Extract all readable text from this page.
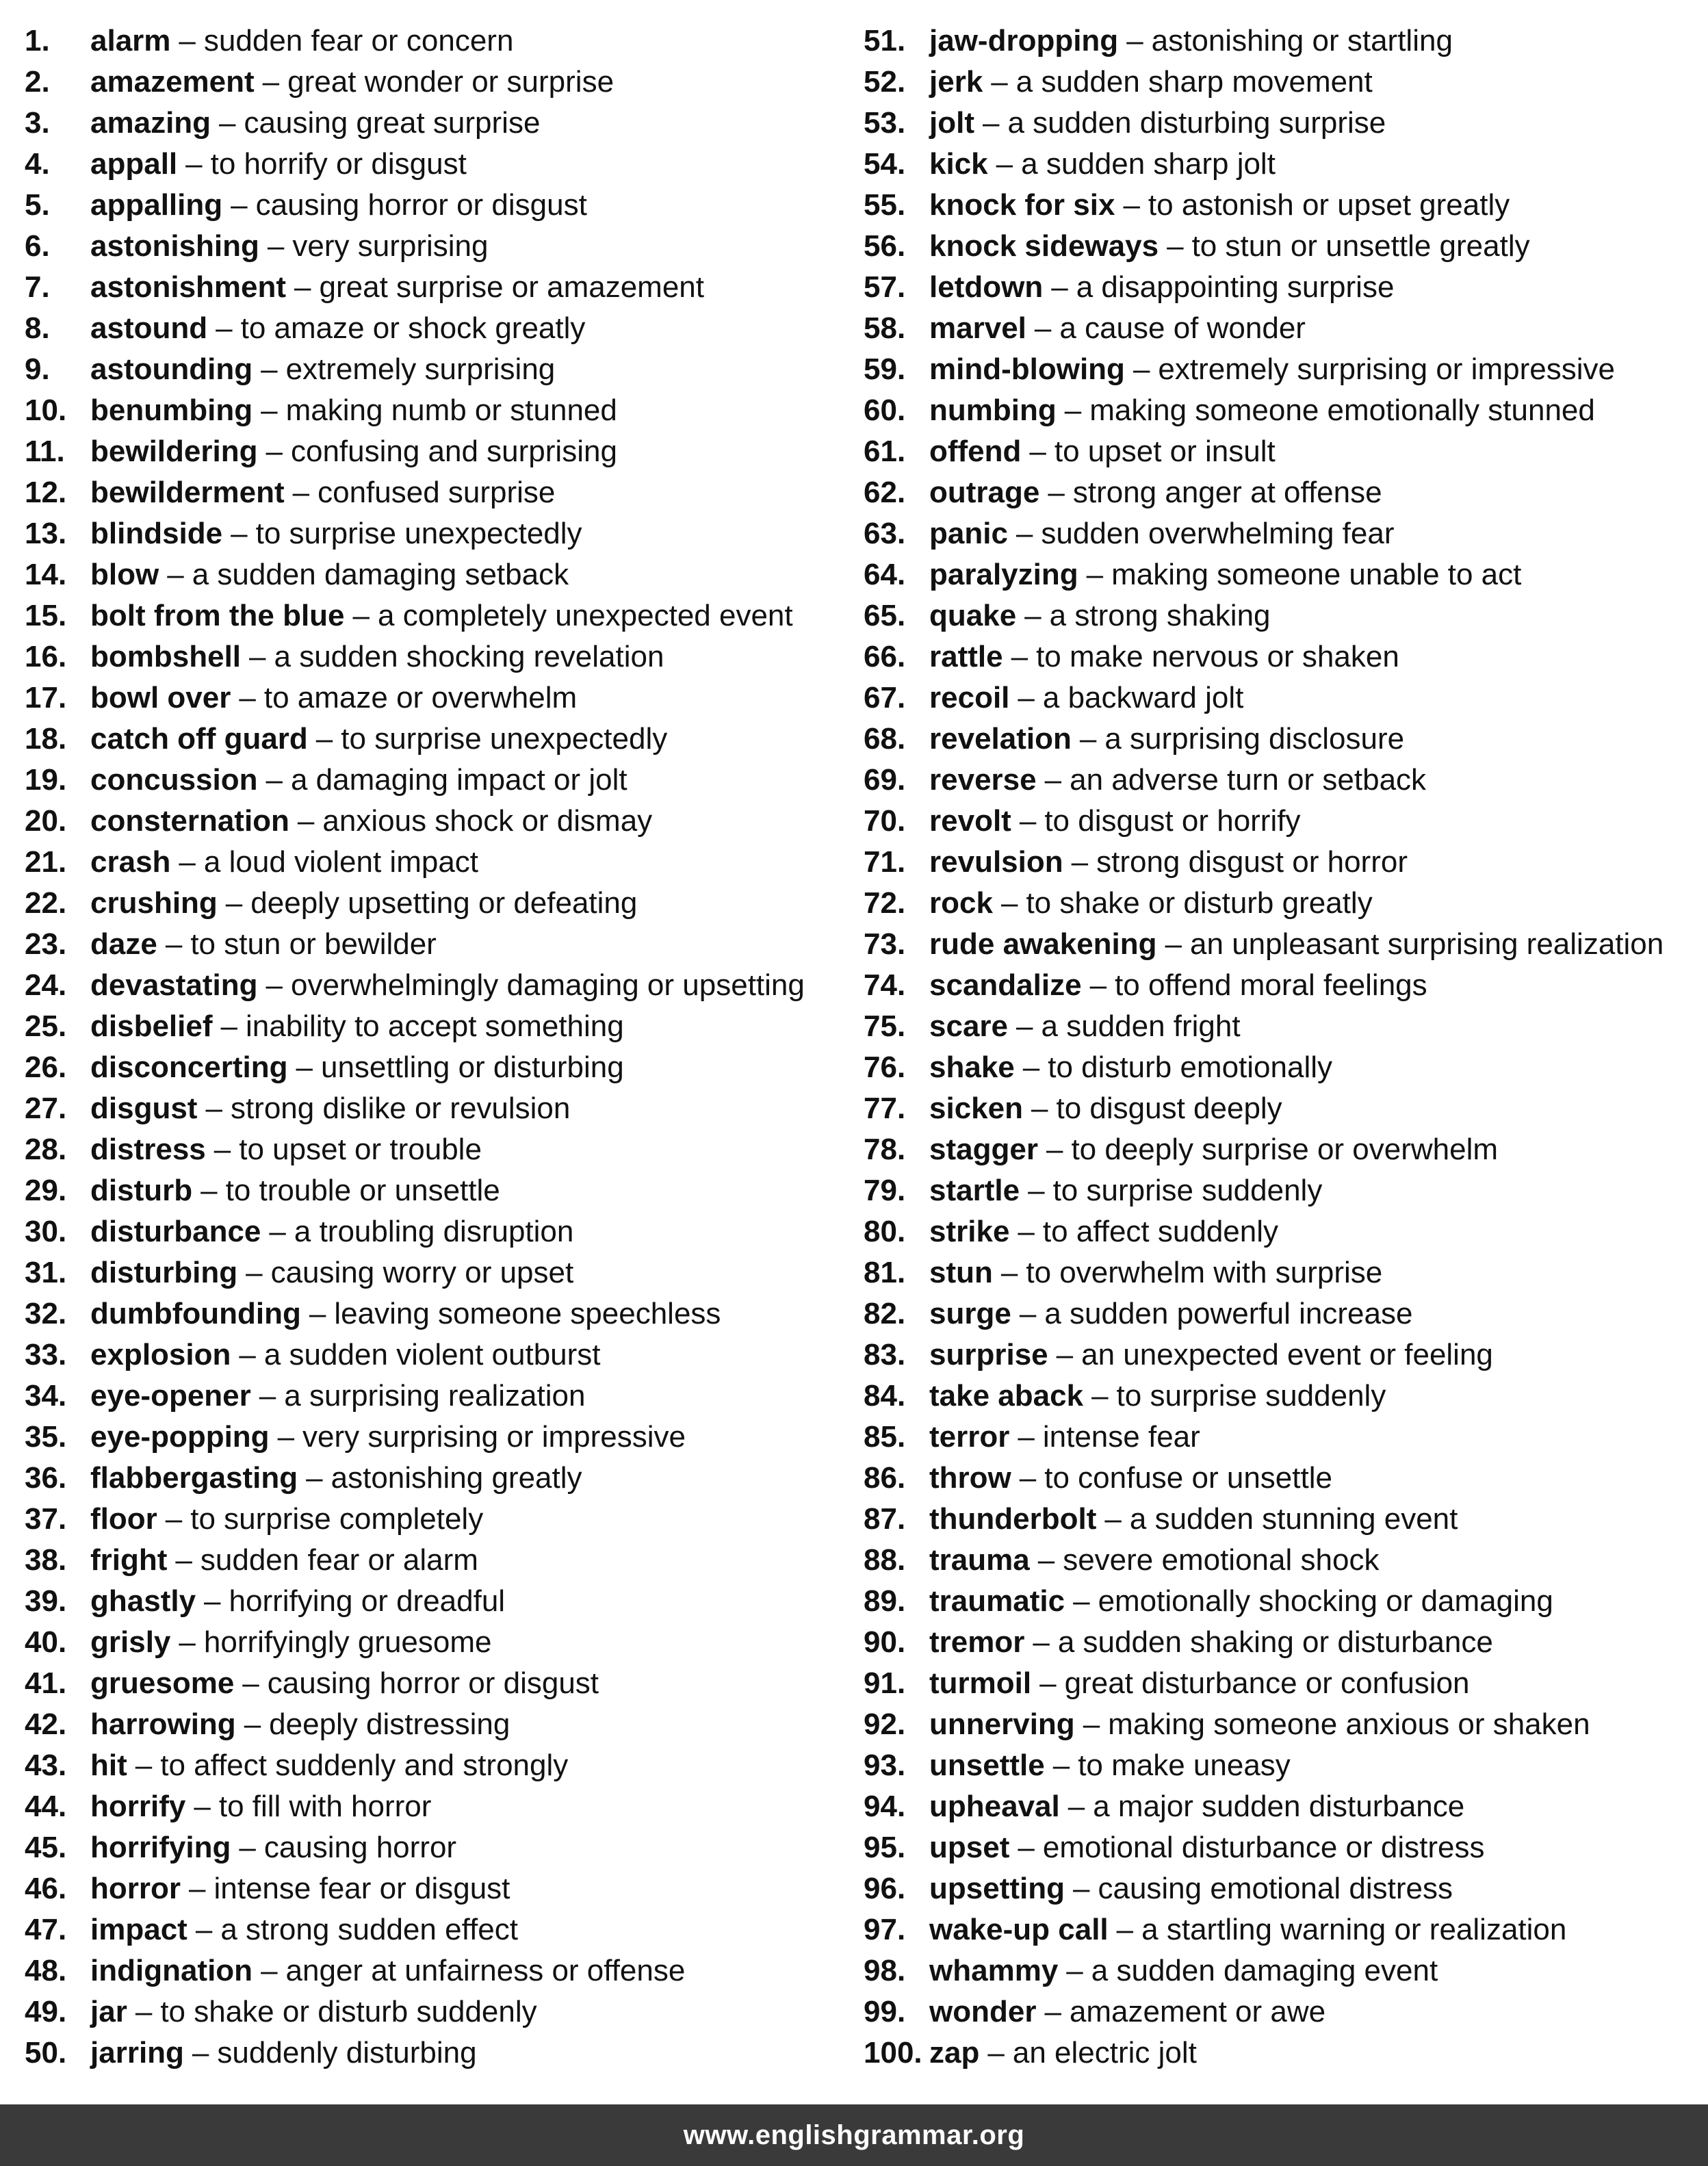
1.	alarm – sudden fear or concern
2.	amazement – great wonder or surprise
3.	amazing – causing great surprise
4.	appall – to horrify or disgust
5.	appalling – causing horror or disgust
6.	astonishing – very surprising
7.	astonishment – great surprise or amazement
8.	astound – to amaze or shock greatly
9.	astounding – extremely surprising
10. benumbing – making numb or stunned
11. bewildering – confusing and surprising
12. bewilderment – confused surprise
13. blindside – to surprise unexpectedly
14. blow – a sudden damaging setback
15. bolt from the blue – a completely unexpected event
16. bombshell – a sudden shocking revelation
17. bowl over – to amaze or overwhelm
18. catch off guard – to surprise unexpectedly
19. concussion – a damaging impact or jolt
20. consternation – anxious shock or dismay
21. crash – a loud violent impact
22. crushing – deeply upsetting or defeating
23. daze – to stun or bewilder
24. devastating – overwhelmingly damaging or upsetting
25. disbelief – inability to accept something
26. disconcerting – unsettling or disturbing
27. disgust – strong dislike or revulsion
28. distress – to upset or trouble
29. disturb – to trouble or unsettle
30. disturbance – a troubling disruption
31. disturbing – causing worry or upset
32. dumbfounding – leaving someone speechless
33. explosion – a sudden violent outburst
34. eye-opener – a surprising realization
35. eye-popping – very surprising or impressive
36. flabbergasting – astonishing greatly
37. floor – to surprise completely
38. fright – sudden fear or alarm
39. ghastly – horrifying or dreadful
40. grisly – horrifyingly gruesome
41. gruesome – causing horror or disgust
42. harrowing – deeply distressing
43. hit – to affect suddenly and strongly
44. horrify – to fill with horror
45. horrifying – causing horror
46. horror – intense fear or disgust
47. impact – a strong sudden effect
48. indignation – anger at unfairness or offense
49. jar – to shake or disturb suddenly
50. jarring – suddenly disturbing
51. jaw-dropping – astonishing or startling
52. jerk – a sudden sharp movement
53. jolt – a sudden disturbing surprise
54. kick – a sudden sharp jolt
55. knock for six – to astonish or upset greatly
56. knock sideways – to stun or unsettle greatly
57. letdown – a disappointing surprise
58. marvel – a cause of wonder
59. mind-blowing – extremely surprising or impressive
60. numbing – making someone emotionally stunned
61. offend – to upset or insult
62. outrage – strong anger at offense
63. panic – sudden overwhelming fear
64. paralyzing – making someone unable to act
65. quake – a strong shaking
66. rattle – to make nervous or shaken
67. recoil – a backward jolt
68. revelation – a surprising disclosure
69. reverse – an adverse turn or setback
70. revolt – to disgust or horrify
71. revulsion – strong disgust or horror
72. rock – to shake or disturb greatly
73. rude awakening – an unpleasant surprising realization
74. scandalize – to offend moral feelings
75. scare – a sudden fright
76. shake – to disturb emotionally
77. sicken – to disgust deeply
78. stagger – to deeply surprise or overwhelm
79. startle – to surprise suddenly
80. strike – to affect suddenly
81. stun – to overwhelm with surprise
82. surge – a sudden powerful increase
83. surprise – an unexpected event or feeling
84. take aback – to surprise suddenly
85. terror – intense fear
86. throw – to confuse or unsettle
87. thunderbolt – a sudden stunning event
88. trauma – severe emotional shock
89. traumatic – emotionally shocking or damaging
90. tremor – a sudden shaking or disturbance
91. turmoil – great disturbance or confusion
92. unnerving – making someone anxious or shaken
93. unsettle – to make uneasy
94. upheaval – a major sudden disturbance
95. upset – emotional disturbance or distress
96. upsetting – causing emotional distress
97. wake-up call – a startling warning or realization
98. whammy – a sudden damaging event
99. wonder – amazement or awe
100. zap – an electric jolt
www.englishgrammar.org
